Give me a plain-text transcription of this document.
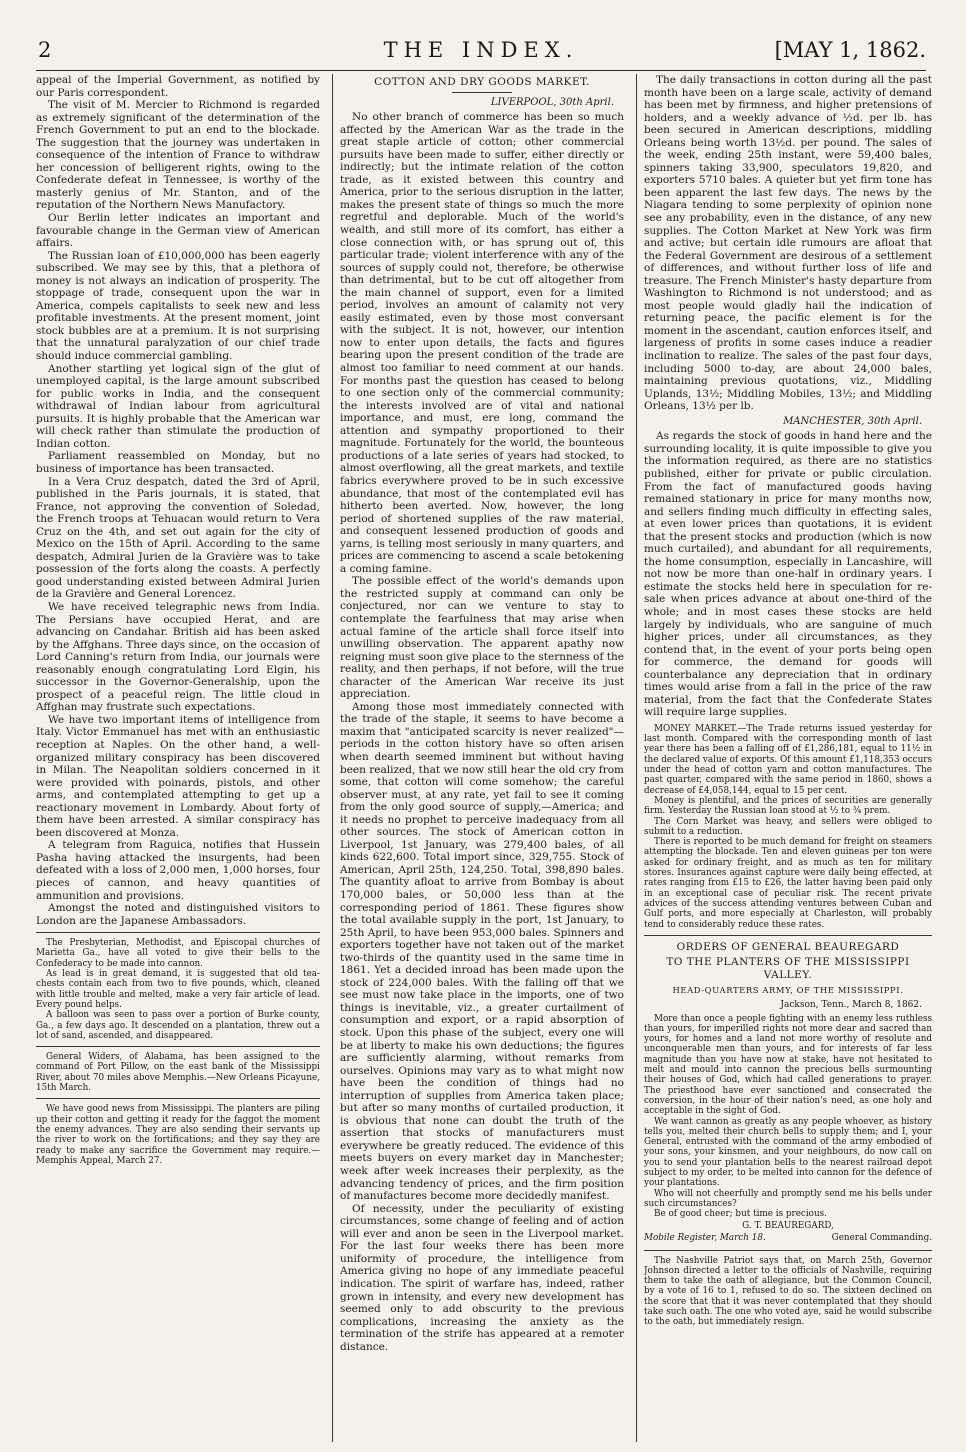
2	THE INDEX.	[MAY 1, 1862.

appeal of the Imperial Government, as notified by our Paris correspondent.

The visit of M. Mercier to Richmond is regarded as extremely significant of the determination of the French Government to put an end to the blockade. The suggestion that the journey was undertaken in consequence of the intention of France to withdraw her concession of belligerent rights, owing to the Confederate defeat in Tennessee, is worthy of the masterly genius of Mr. Stanton, and of the reputation of the Northern News Manufactory.

Our Berlin letter indicates an important and favourable change in the German view of American affairs.

The Russian loan of £10,000,000 has been eagerly subscribed. We may see by this, that a plethora of money is not always an indication of prosperity. The stoppage of trade, consequent upon the war in America, compels capitalists to seek new and less profitable investments. At the present moment, joint stock bubbles are at a premium. It is not surprising that the unnatural paralyzation of our chief trade should induce commercial gambling.

Another startling yet logical sign of the glut of unemployed capital, is the large amount subscribed for public works in India, and the consequent withdrawal of Indian labour from agricultural pursuits. It is highly probable that the American war will check rather than stimulate the production of Indian cotton.

Parliament reassembled on Monday, but no business of importance has been transacted.

In a Vera Cruz despatch, dated the 3rd of April, published in the Paris journals, it is stated, that France, not approving the convention of Soledad, the French troops at Tehuacan would return to Vera Cruz on the 4th, and set out again for the city of Mexico on the 15th of April. According to the same despatch, Admiral Jurien de la Gravière was to take possession of the forts along the coasts. A perfectly good understanding existed between Admiral Jurien de la Gravière and General Lorencez.

We have received telegraphic news from India. The Persians have occupied Herat, and are advancing on Candahar. British aid has been asked by the Affghans. Three days since, on the occasion of Lord Canning's return from India, our journals were reasonably enough congratulating Lord Elgin, his successor in the Governor-Generalship, upon the prospect of a peaceful reign. The little cloud in Affghan may frustrate such expectations.

We have two important items of intelligence from Italy. Victor Emmanuel has met with an enthusiastic reception at Naples. On the other hand, a well-organized military conspiracy has been discovered in Milan. The Neapolitan soldiers concerned in it were provided with poinards, pistols, and other arms, and contemplated attempting to get up a reactionary movement in Lombardy. About forty of them have been arrested. A similar conspiracy has been discovered at Monza.

A telegram from Raguica, notifies that Hussein Pasha having attacked the insurgents, had been defeated with a loss of 2,000 men, 1,000 horses, four pieces of cannon, and heavy quantities of ammunition and provisions.

Amongst the noted and distinguished visitors to London are the Japanese Ambassadors.

The Presbyterian, Methodist, and Episcopal churches of Marietta Ga., have all voted to give their bells to the Confederacy to be made into cannon.

As lead is in great demand, it is suggested that old tea-chests contain each from two to five pounds, which, cleaned with little trouble and melted, make a very fair article of lead. Every pound helps.

A balloon was seen to pass over a portion of Burke county, Ga., a few days ago. It descended on a plantation, threw out a lot of sand, ascended, and disappeared.

General Widers, of Alabama, has been assigned to the command of Port Pillow, on the east bank of the Mississippi River, about 70 miles above Memphis.—New Orleans Picayune, 15th March.

We have good news from Mississippi. The planters are piling up their cotton and getting it ready for the faggot the moment the enemy advances. They are also sending their servants up the river to work on the fortifications; and they say they are ready to make any sacrifice the Government may require.—Memphis Appeal, March 27.

COTTON AND DRY GOODS MARKET.
LIVERPOOL, 30th April.

No other branch of commerce has been so much affected by the American War as the trade in the great staple article of cotton; other commercial pursuits have been made to suffer, either directly or indirectly; but the intimate relation of the cotton trade, as it existed between this country and America, prior to the serious disruption in the latter, makes the present state of things so much the more regretful and deplorable. Much of the world's wealth, and still more of its comfort, has either a close connection with, or has sprung out of, this particular trade; violent interference with any of the sources of supply could not, therefore, be otherwise than detrimental, but to be cut off altogether from the main channel of support, even for a limited period, involves an amount of calamity not very easily estimated, even by those most conversant with the subject. It is not, however, our intention now to enter upon details, the facts and figures bearing upon the present condition of the trade are almost too familiar to need comment at our hands. For months past the question has ceased to belong to one section only of the commercial community; the interests involved are of vital and national importance, and must, ere long, command the attention and sympathy proportioned to their magnitude. Fortunately for the world, the bounteous productions of a late series of years had stocked, to almost overflowing, all the great markets, and textile fabrics everywhere proved to be in such excessive abundance, that most of the contemplated evil has hitherto been averted. Now, however, the long period of shortened supplies of the raw material, and consequent lessened production of goods and yarns, is telling most seriously in many quarters, and prices are commencing to ascend a scale betokening a coming famine.

The possible effect of the world's demands upon the restricted supply at command can only be conjectured, nor can we venture to stay to contemplate the fearfulness that may arise when actual famine of the article shall force itself into unwilling observation. The apparent apathy now reigning must soon give place to the sternness of the reality, and then perhaps, if not before, will the true character of the American War receive its just appreciation.

Among those most immediately connected with the trade of the staple, it seems to have become a maxim that "anticipated scarcity is never realized"—periods in the cotton history have so often arisen when dearth seemed imminent but without having been realized, that we now still hear the old cry from some, that cotton will come somehow; the careful observer must, at any rate, yet fail to see it coming from the only good source of supply,—America; and it needs no prophet to perceive inadequacy from all other sources. The stock of American cotton in Liverpool, 1st January, was 279,400 bales, of all kinds 622,600. Total import since, 329,755. Stock of American, April 25th, 124,250. Total, 398,890 bales. The quantity afloat to arrive from Bombay is about 170,000 bales, or 50,000 less than at the corresponding period of 1861. These figures show the total available supply in the port, 1st January, to 25th April, to have been 953,000 bales. Spinners and exporters together have not taken out of the market two-thirds of the quantity used in the same time in 1861. Yet a decided inroad has been made upon the stock of 224,000 bales. With the falling off that we see must now take place in the imports, one of two things is inevitable, viz., a greater curtailment of consumption and export, or a rapid absorption of stock. Upon this phase of the subject, every one will be at liberty to make his own deductions; the figures are sufficiently alarming, without remarks from ourselves. Opinions may vary as to what might now have been the condition of things had no interruption of supplies from America taken place; but after so many months of curtailed production, it is obvious that none can doubt the truth of the assertion that stocks of manufacturers must everywhere be greatly reduced. The evidence of this meets buyers on every market day in Manchester; week after week increases their perplexity, as the advancing tendency of prices, and the firm position of manufactures become more decidedly manifest.

Of necessity, under the peculiarity of existing circumstances, some change of feeling and of action will ever and anon be seen in the Liverpool market. For the last four weeks there has been more uniformity of procedure, the intelligence from America giving no hope of any immediate peaceful indication. The spirit of warfare has, indeed, rather grown in intensity, and every new development has seemed only to add obscurity to the previous complications, increasing the anxiety as the termination of the strife has appeared at a remoter distance.

The daily transactions in cotton during all the past month have been on a large scale, activity of demand has been met by firmness, and higher pretensions of holders, and a weekly advance of ½d. per lb. has been secured in American descriptions, middling Orleans being worth 13½d. per pound. The sales of the week, ending 25th instant, were 59,400 bales, spinners taking 33,900, speculators 19,820, and exporters 5710 bales. A quieter but yet firm tone has been apparent the last few days. The news by the Niagara tending to some perplexity of opinion none see any probability, even in the distance, of any new supplies. The Cotton Market at New York was firm and active; but certain idle rumours are afloat that the Federal Government are desirous of a settlement of differences, and without further loss of life and treasure. The French Minister's hasty departure from Washington to Richmond is not understood; and as most people would gladly hail the indication of returning peace, the pacific element is for the moment in the ascendant, caution enforces itself, and largeness of profits in some cases induce a readier inclination to realize. The sales of the past four days, including 5000 to-day, are about 24,000 bales, maintaining previous quotations, viz., Middling Uplands, 13½; Middling Mobiles, 13½; and Middling Orleans, 13½ per lb.

MANCHESTER, 30th April.

As regards the stock of goods in hand here and the surrounding locality, it is quite impossible to give you the information required, as there are no statistics published, either for private or public circulation. From the fact of manufactured goods having remained stationary in price for many months now, and sellers finding much difficulty in effecting sales, at even lower prices than quotations, it is evident that the present stocks and production (which is now much curtailed), and abundant for all requirements, the home consumption, especially in Lancashire, will not now be more than one-half in ordinary years. I estimate the stocks held here in speculation for re-sale when prices advance at about one-third of the whole; and in most cases these stocks are held largely by individuals, who are sanguine of much higher prices, under all circumstances, as they contend that, in the event of your ports being open for commerce, the demand for goods will counterbalance any depreciation that in ordinary times would arise from a fall in the price of the raw material, from the fact that the Confederate States will require large supplies.

MONEY MARKET.—The Trade returns issued yesterday for last month. Compared with the corresponding month of last year there has been a falling off of £1,286,181, equal to 11½ in the declared value of exports. Of this amount £1,118,353 occurs under the head of cotton yarn and cotton manufactures. The past quarter, compared with the same period in 1860, shows a decrease of £4,058,144, equal to 15 per cent.

Money is plentiful, and the prices of securities are generally firm. Yesterday the Russian loan stood at ½ to ¾ prem.

The Corn Market was heavy, and sellers were obliged to submit to a reduction.

There is reported to be much demand for freight on steamers attempting the blockade. Ten and eleven guineas per ton were asked for ordinary freight, and as much as ten for military stores. Insurances against capture were daily being effected, at rates ranging from £15 to £26, the latter having been paid only in an exceptional case of peculiar risk. The recent private advices of the success attending ventures between Cuban and Gulf ports, and more especially at Charleston, will probably tend to considerably reduce these rates.

ORDERS OF GENERAL BEAUREGARD
TO THE PLANTERS OF THE MISSISSIPPI VALLEY.
HEAD-QUARTERS ARMY, OF THE MISSISSIPPI.
Jackson, Tenn., March 8, 1862.

More than once a people fighting with an enemy less ruthless than yours, for imperilled rights not more dear and sacred than yours, for homes and a land not more worthy of resolute and unconquerable men than yours, and for interests of far less magnitude than you have now at stake, have not hesitated to melt and mould into cannon the precious bells surmounting their houses of God, which had called generations to prayer. The priesthood have ever sanctioned and consecrated the conversion, in the hour of their nation's need, as one holy and acceptable in the sight of God.

We want cannon as greatly as any people whoever, as history tells you, melted their church bells to supply them; and I, your General, entrusted with the command of the army embodied of your sons, your kinsmen, and your neighbours, do now call on you to send your plantation bells to the nearest railroad depot subject to my order, to be melted into cannon for the defence of your plantations.

Who will not cheerfully and promptly send me his bells under such circumstances?

Be of good cheer; but time is precious.

G. T. BEAUREGARD,
Mobile Register, March 18.	General Commanding.

The Nashville Patriot says that, on March 25th, Governor Johnson directed a letter to the officials of Nashville, requiring them to take the oath of allegiance, but the Common Council, by a vote of 16 to 1, refused to do so. The sixteen declined on the score that that it was never contemplated that they should take such oath. The one who voted aye, said he would subscribe to the oath, but immediately resign.
